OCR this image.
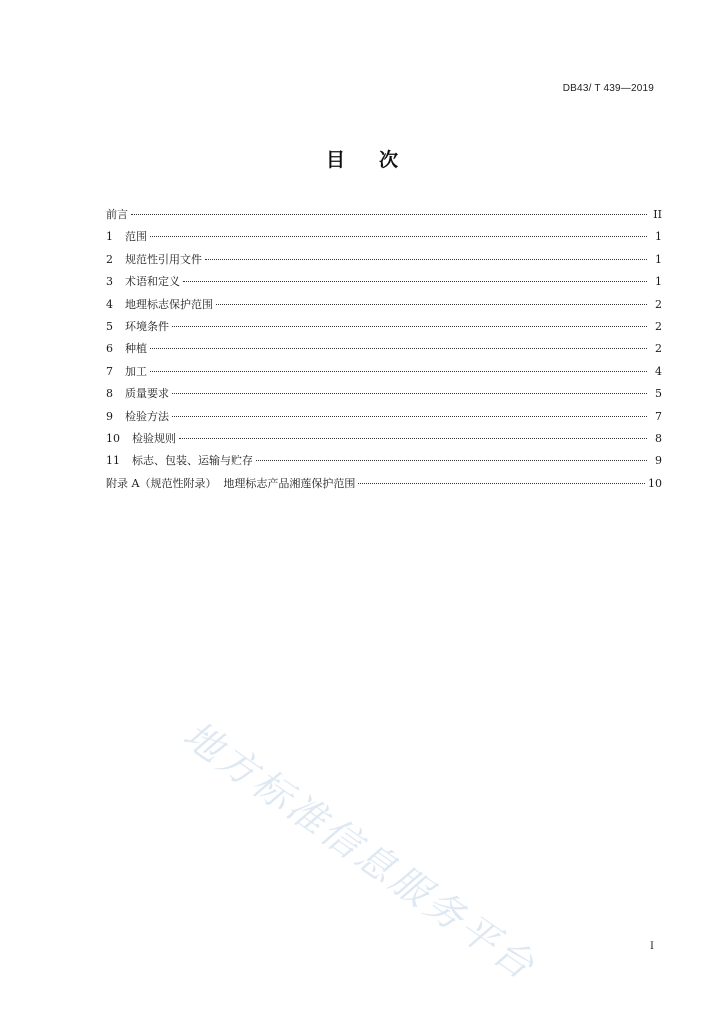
DB43/ T 439—2019
目 次
前言	II
1 范围	1
2 规范性引用文件	1
3 术语和定义	1
4 地理标志保护范围	2
5 环境条件	2
6 种植	2
7 加工	4
8 质量要求	5
9 检验方法	7
10 检验规则	8
11 标志、包装、运输与贮存	9
附录 A（规范性附录）  地理标志产品湘莲保护范围	10
地方标准信息服务平台	I
